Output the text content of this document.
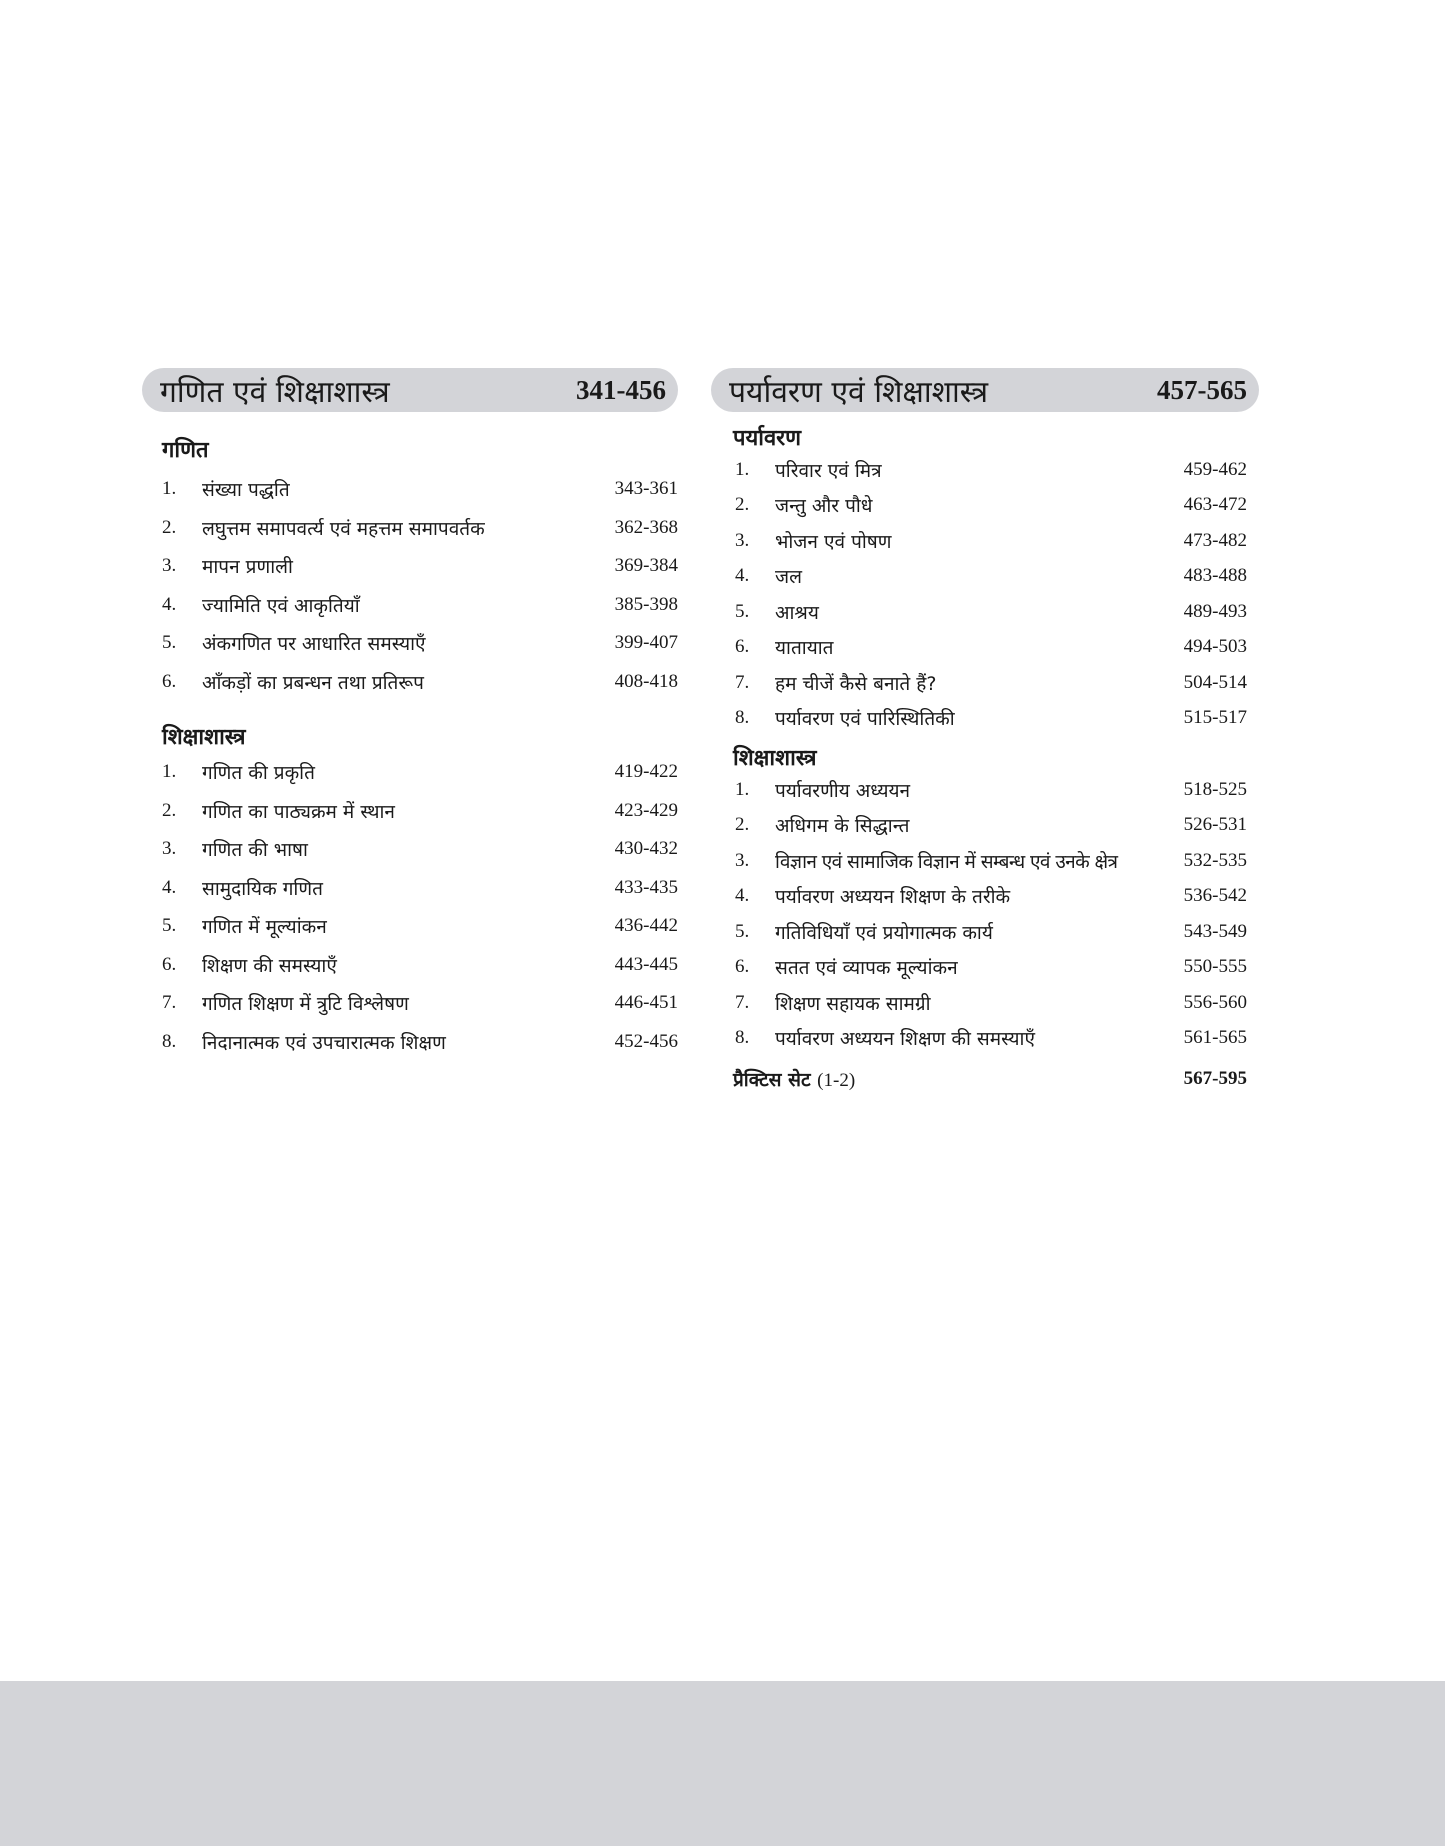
गणित एवं शिक्षाशास्त्र	341-456
गणित
1.	संख्या पद्धति	343-361
2.	लघुत्तम समापवर्त्य एवं महत्तम समापवर्तक	362-368
3.	मापन प्रणाली	369-384
4.	ज्यामिति एवं आकृतियाँ	385-398
5.	अंकगणित पर आधारित समस्याएँ	399-407
6.	आँकड़ों का प्रबन्धन तथा प्रतिरूप	408-418
शिक्षाशास्त्र
1.	गणित की प्रकृति	419-422
2.	गणित का पाठ्यक्रम में स्थान	423-429
3.	गणित की भाषा	430-432
4.	सामुदायिक गणित	433-435
5.	गणित में मूल्यांकन	436-442
6.	शिक्षण की समस्याएँ	443-445
7.	गणित शिक्षण में त्रुटि विश्लेषण	446-451
8.	निदानात्मक एवं उपचारात्मक शिक्षण	452-456
पर्यावरण एवं शिक्षाशास्त्र	457-565
पर्यावरण
1.	परिवार एवं मित्र	459-462
2.	जन्तु और पौधे	463-472
3.	भोजन एवं पोषण	473-482
4.	जल	483-488
5.	आश्रय	489-493
6.	यातायात	494-503
7.	हम चीजें कैसे बनाते हैं?	504-514
8.	पर्यावरण एवं पारिस्थितिकी	515-517
शिक्षाशास्त्र
1.	पर्यावरणीय अध्ययन	518-525
2.	अधिगम के सिद्धान्त	526-531
3.	विज्ञान एवं सामाजिक विज्ञान में सम्बन्ध एवं उनके क्षेत्र	532-535
4.	पर्यावरण अध्ययन शिक्षण के तरीके	536-542
5.	गतिविधियाँ एवं प्रयोगात्मक कार्य	543-549
6.	सतत एवं व्यापक मूल्यांकन	550-555
7.	शिक्षण सहायक सामग्री	556-560
8.	पर्यावरण अध्ययन शिक्षण की समस्याएँ	561-565
प्रैक्टिस सेट (1-2)	567-595
